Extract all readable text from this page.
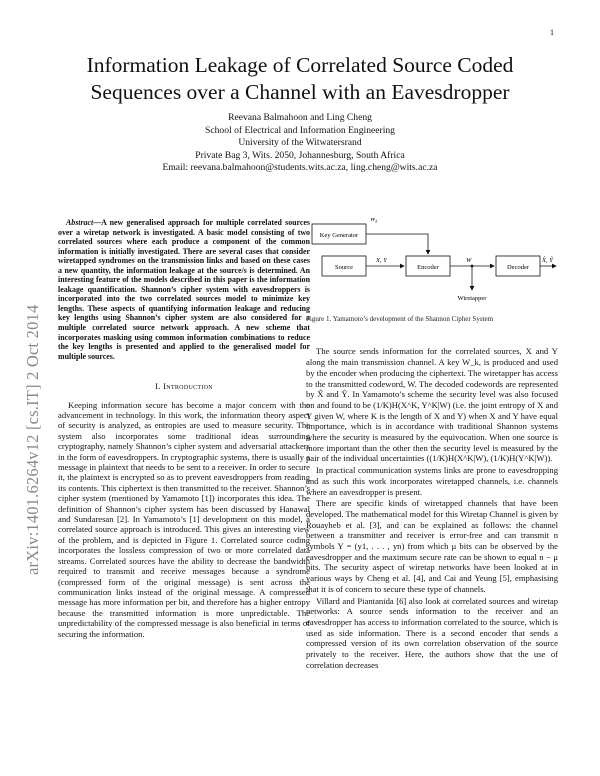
1
arXiv:1401.6264v12 [cs.IT] 2 Oct 2014
Information Leakage of Correlated Source Coded
Sequences over a Channel with an Eavesdropper
Reevana Balmahoon and Ling Cheng
School of Electrical and Information Engineering
University of the Witwatersrand
Private Bag 3, Wits. 2050, Johannesburg, South Africa
Email: reevana.balmahoon@students.wits.ac.za, ling.cheng@wits.ac.za

Abstract—A new generalised approach for multiple correlated sources over a wiretap network is investigated. A basic model consisting of two correlated sources where each produce a component of the common information is initially investigated. There are several cases that consider wiretapped syndromes on the transmission links and based on these cases a new quantity, the information leakage at the source/s is determined. An interesting feature of the models described in this paper is the information leakage quantification. Shannon’s cipher system with eavesdroppers is incorporated into the two correlated sources model to minimize key lengths. These aspects of quantifying information leakage and reducing key lengths using Shannon’s cipher system are also considered for a multiple correlated source network approach. A new scheme that incorporates masking using common information combinations to reduce the key lengths is presented and applied to the generalised model for multiple sources.

I. Introduction

Keeping information secure has become a major concern with the advancement in technology. In this work, the information theory aspect of security is analyzed, as entropies are used to measure security. The system also incorporates some traditional ideas surrounding cryptography, namely Shannon’s cipher system and adversarial attackers in the form of eavesdroppers. In cryptographic systems, there is usually a message in plaintext that needs to be sent to a receiver. In order to secure it, the plaintext is encrypted so as to prevent eavesdroppers from reading its contents. This ciphertext is then transmitted to the receiver. Shannon’s cipher system (mentioned by Yamamoto [1]) incorporates this idea. The definition of Shannon’s cipher system has been discussed by Hanawal and Sundaresan [2]. In Yamamoto’s [1] development on this model, a correlated source approach is introduced. This gives an interesting view of the problem, and is depicted in Figure 1. Correlated source coding incorporates the lossless compression of two or more correlated data streams. Correlated sources have the ability to decrease the bandwidth required to transmit and receive messages because a syndrome (compressed form of the original message) is sent across the communication links instead of the original message. A compressed message has more information per bit, and therefore has a higher entropy because the transmitted information is more unpredictable. The unpredictability of the compressed message is also beneficial in terms of securing the information.

Key Generator
$W_k$
Source
X, Y
Encoder
W
Decoder
X̂, Ŷ
Wiretapper
Figure 1. Yamamoto’s development of the Shannon Cipher System

The source sends information for the correlated sources, X and Y along the main transmission channel. A key W_k, is produced and used by the encoder when producing the ciphertext. The wiretapper has access to the transmitted codeword, W. The decoded codewords are represented by X̂ and Ŷ. In Yamamoto’s scheme the security level was also focused on and found to be (1/K)H(X^K, Y^K|W) (i.e. the joint entropy of X and Y given W, where K is the length of X and Y) when X and Y have equal importance, which is in accordance with traditional Shannon systems where the security is measured by the equivocation. When one source is more important than the other then the security level is measured by the pair of the individual uncertainties ((1/K)H(X^K|W), (1/K)H(Y^K|W)).

In practical communication systems links are prone to eavesdropping and as such this work incorporates wiretapped channels, i.e. channels where an eavesdropper is present.

There are specific kinds of wiretapped channels that have been developed. The mathematical model for this Wiretap Channel is given by Rouayheb et al. [3], and can be explained as follows: the channel between a transmitter and receiver is error-free and can transmit n symbols Y = (y1, . . . , yn) from which μ bits can be observed by the eavesdropper and the maximum secure rate can be shown to equal n − μ bits. The security aspect of wiretap networks have been looked at in various ways by Cheng et al. [4], and Cai and Yeung [5], emphasising that it is of concern to secure these type of channels.

Villard and Piantanida [6] also look at correlated sources and wiretap networks: A source sends information to the receiver and an eavesdropper has access to information correlated to the source, which is used as side information. There is a second encoder that sends a compressed version of its own correlation observation of the source privately to the receiver. Here, the authors show that the use of correlation decreases
